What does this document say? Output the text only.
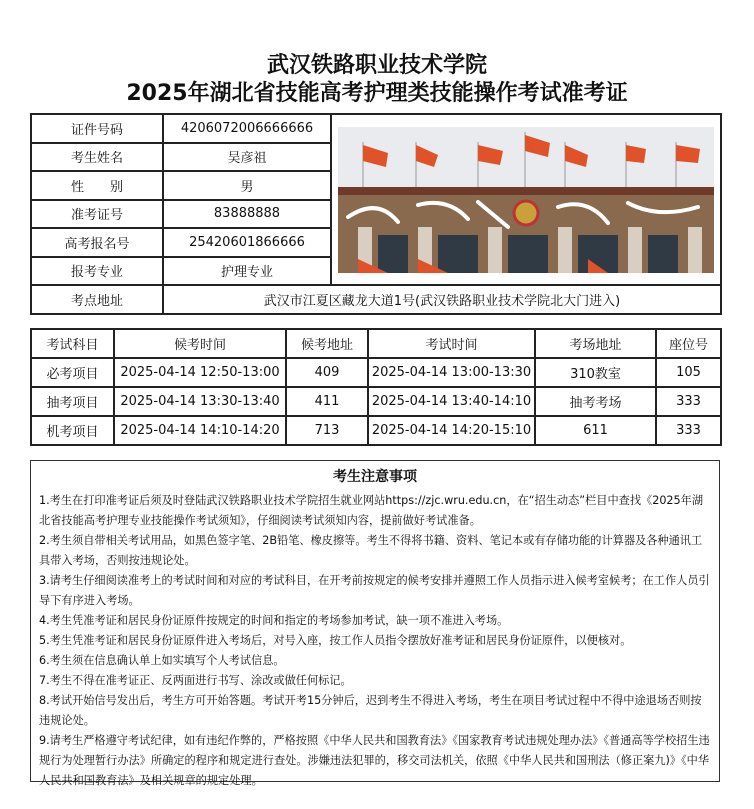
武汉铁路职业技术学院
2025年湖北省技能高考护理类技能操作考试准考证
证件号码	4206072006666666	

考生姓名	吴彦祖	
性　　别	男	
准考证号	83888888	
高考报名号	25420601866666	
报考专业	护理专业	
考点地址	武汉市江夏区藏龙大道1号(武汉铁路职业技术学院北大门进入)	
考试科目	候考时间	候考地址	考试时间	考场地址	座位号
必考项目	2025-04-14 12:50-13:00	409	2025-04-14 13:00-13:30	310教室	105
抽考项目	2025-04-14 13:30-13:40	411	2025-04-14 13:40-14:10	抽考考场	333
机考项目	2025-04-14 14:10-14:20	713	2025-04-14 14:20-15:10	611	333
考生注意事项

1.考生在打印准考证后须及时登陆武汉铁路职业技术学院招生就业网站https://zjc.wru.edu.cn，在“招生动态”栏目中查找《2025年湖北省技能高考护理专业技能操作考试须知》，仔细阅读考试须知内容，提前做好考试准备。

2.考生须自带相关考试用品，如黑色签字笔、2B铅笔、橡皮擦等。考生不得将书籍、资料、笔记本或有存储功能的计算器及各种通讯工具带入考场，否则按违规论处。

3.请考生仔细阅读准考上的考试时间和对应的考试科目，在开考前按规定的候考安排并遵照工作人员指示进入候考室候考；在工作人员引导下有序进入考场。

4.考生凭准考证和居民身份证原件按规定的时间和指定的考场参加考试，缺一项不准进入考场。

5.考生凭准考证和居民身份证原件进入考场后，对号入座，按工作人员指令摆放好准考证和居民身份证原件，以便核对。

6.考生须在信息确认单上如实填写个人考试信息。

7.考生不得在准考证正、反两面进行书写、涂改或做任何标记。

8.考试开始信号发出后，考生方可开始答题。考试开考15分钟后，迟到考生不得进入考场，考生在项目考试过程中不得中途退场否则按违规论处。

9.请考生严格遵守考试纪律，如有违纪作弊的，严格按照《中华人民共和国教育法》《国家教育考试违规处理办法》《普通高等学校招生违规行为处理暂行办法》所确定的程序和规定进行查处。涉嫌违法犯罪的，移交司法机关，依照《中华人民共和国刑法（修正案九)》《中华人民共和国教育法》及相关规章的规定处理。
